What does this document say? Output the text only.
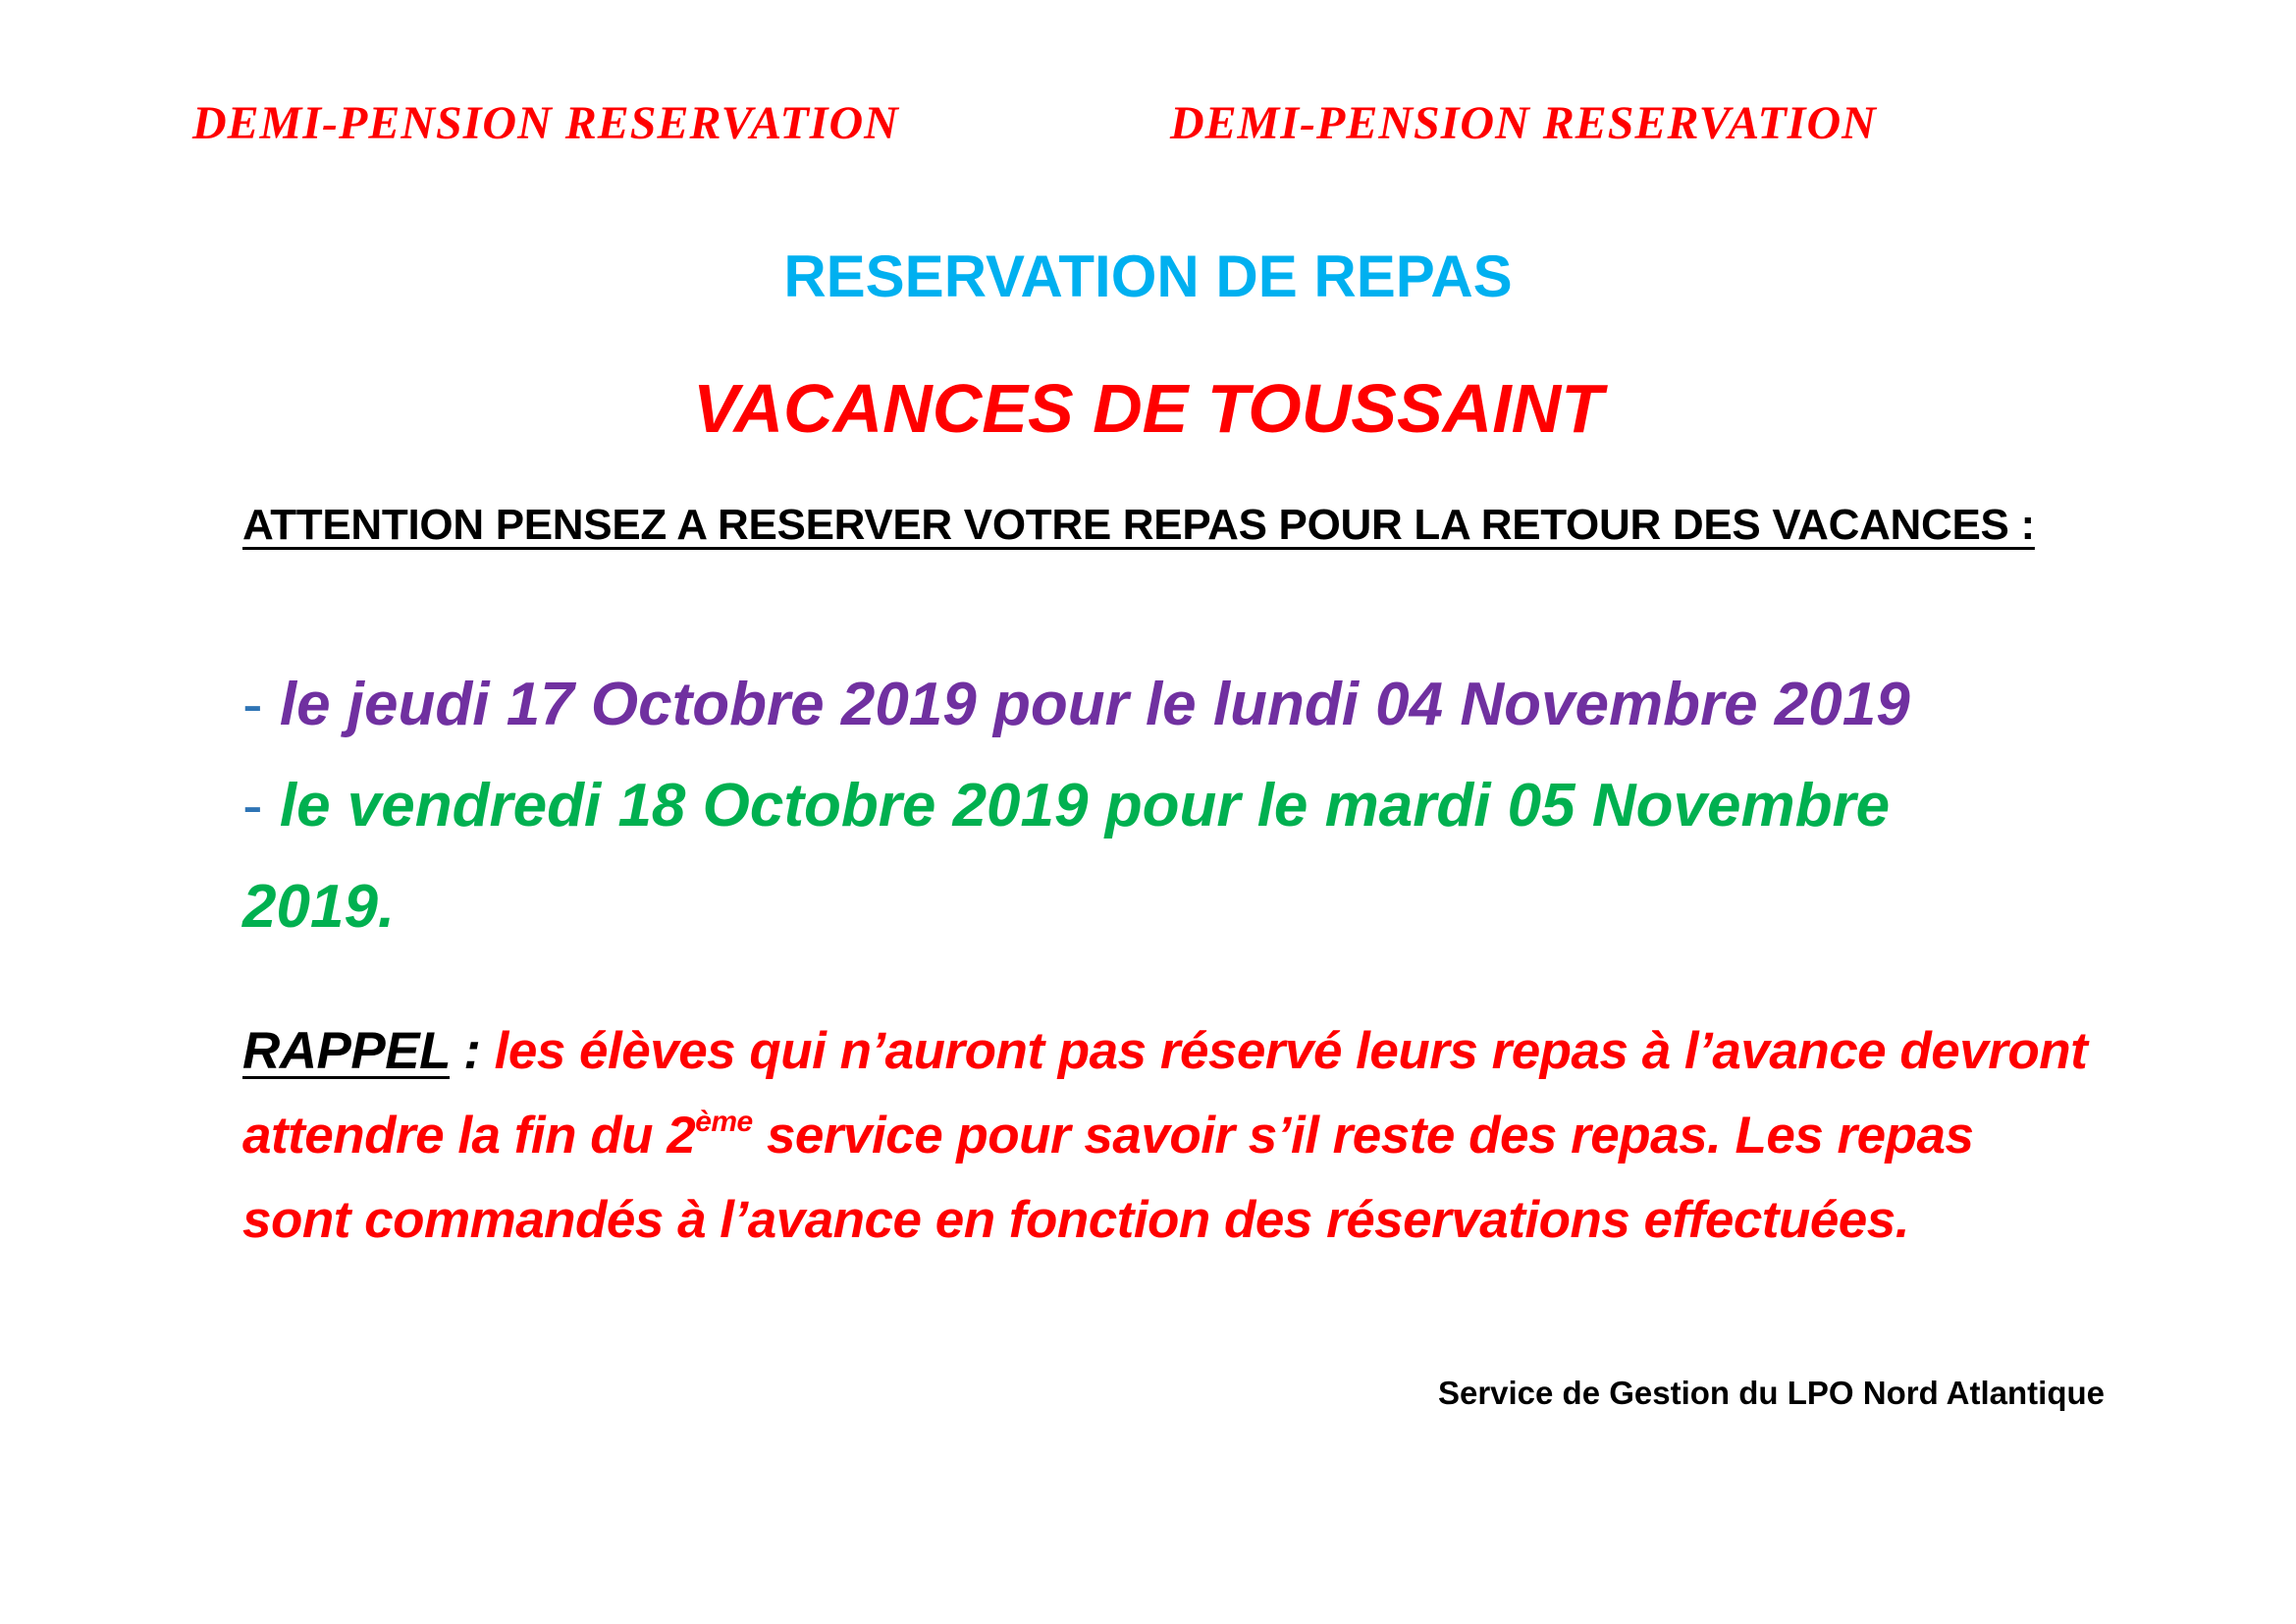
DEMI-PENSION RESERVATION	DEMI-PENSION RESERVATION
RESERVATION DE REPAS
VACANCES DE TOUSSAINT
ATTENTION PENSEZ A RESERVER VOTRE REPAS POUR LA RETOUR DES VACANCES :
- le jeudi 17 Octobre 2019 pour le lundi 04 Novembre 2019
- le vendredi 18 Octobre 2019 pour le mardi 05 Novembre
2019.
RAPPEL : les élèves qui n’auront pas réservé leurs repas à l’avance devront
attendre la fin du 2ème service pour savoir s’il reste des repas. Les repas
sont commandés à l’avance en fonction des réservations effectuées.
Service de Gestion du LPO Nord Atlantique
